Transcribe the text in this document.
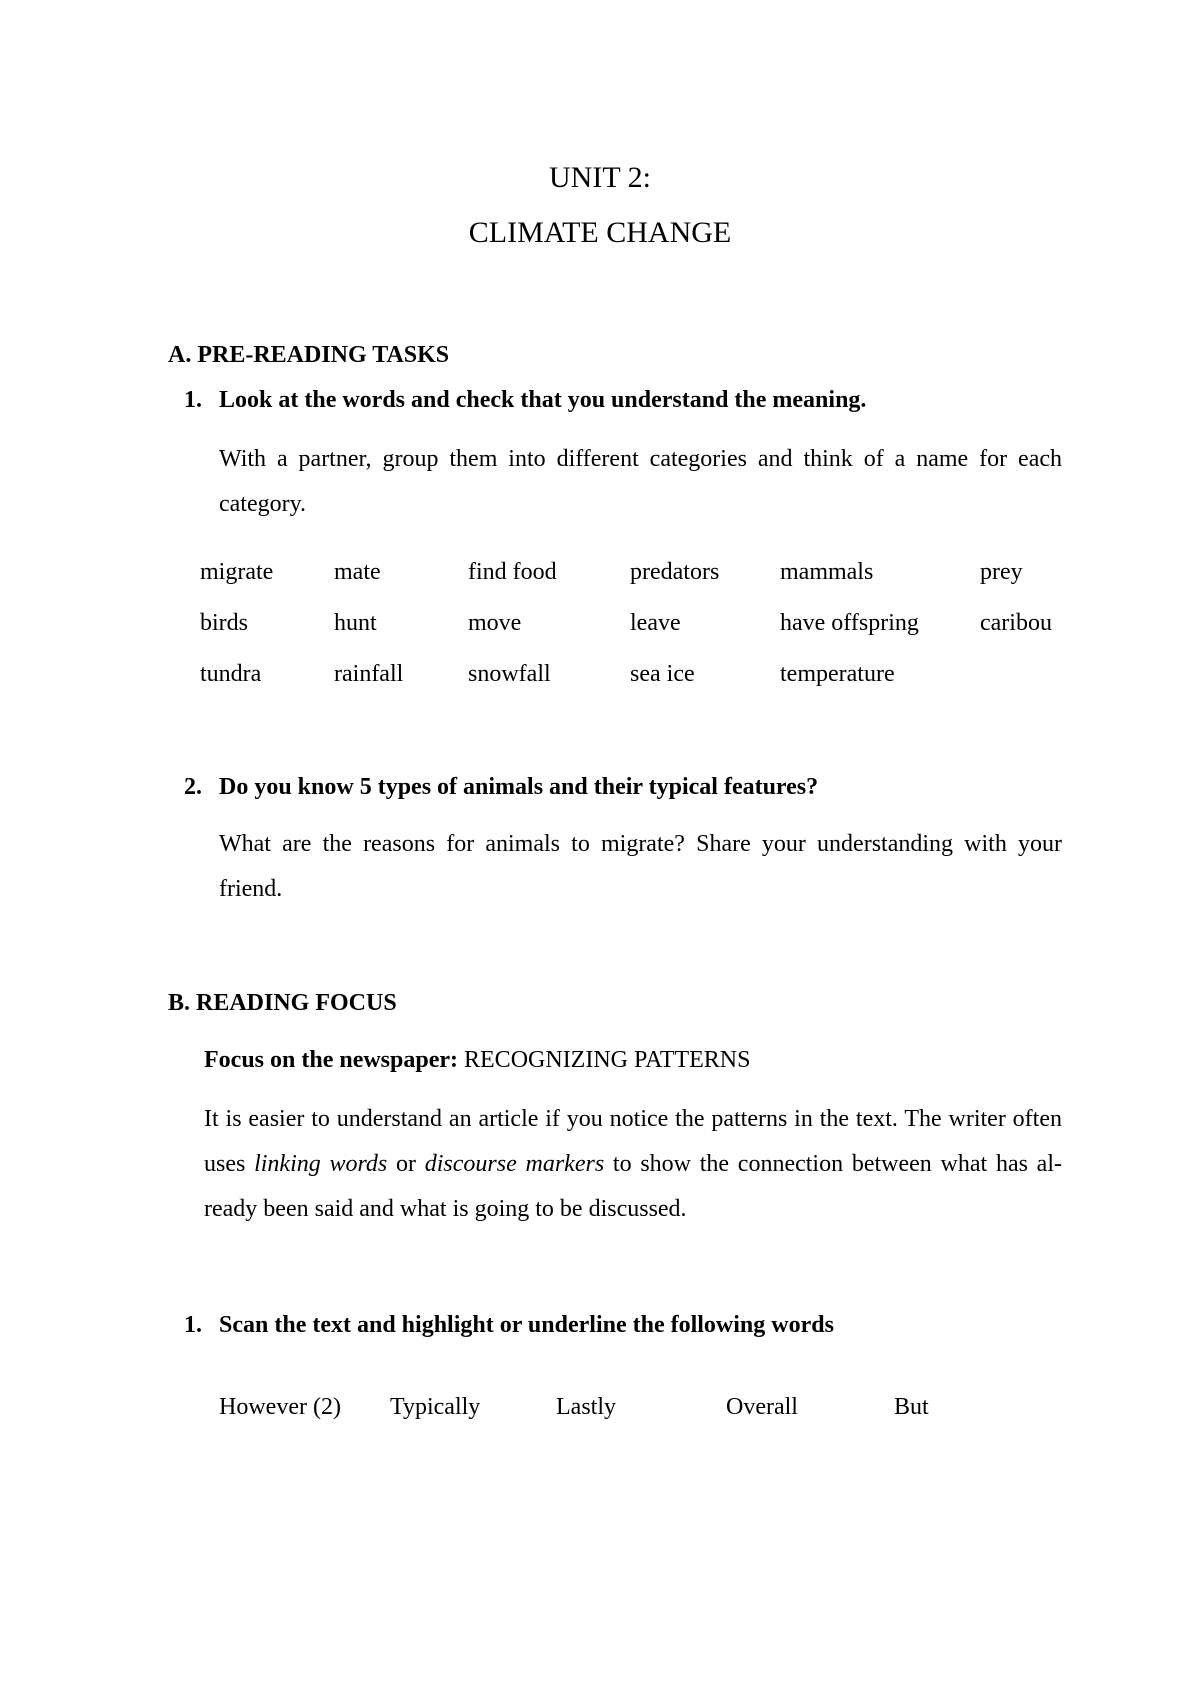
UNIT 2:
CLIMATE CHANGE
A. PRE-READING TASKS
1. Look at the words and check that you understand the meaning.
With a partner, group them into different categories and think of a name for each category.
migrate	mate	find food	predators	mammals	prey
birds	hunt	move	leave	have offspring	caribou
tundra	rainfall	snowfall	sea ice	temperature
2. Do you know 5 types of animals and their typical features?
What are the reasons for animals to migrate? Share your understanding with your friend.
B. READING FOCUS
Focus on the newspaper: RECOGNIZING PATTERNS
It is easier to understand an article if you notice the patterns in the text. The writer often uses linking words or discourse markers to show the connection between what has al- ready been said and what is going to be discussed.
1. Scan the text and highlight or underline the following words
However (2) Typically	Lastly	Overall	But
